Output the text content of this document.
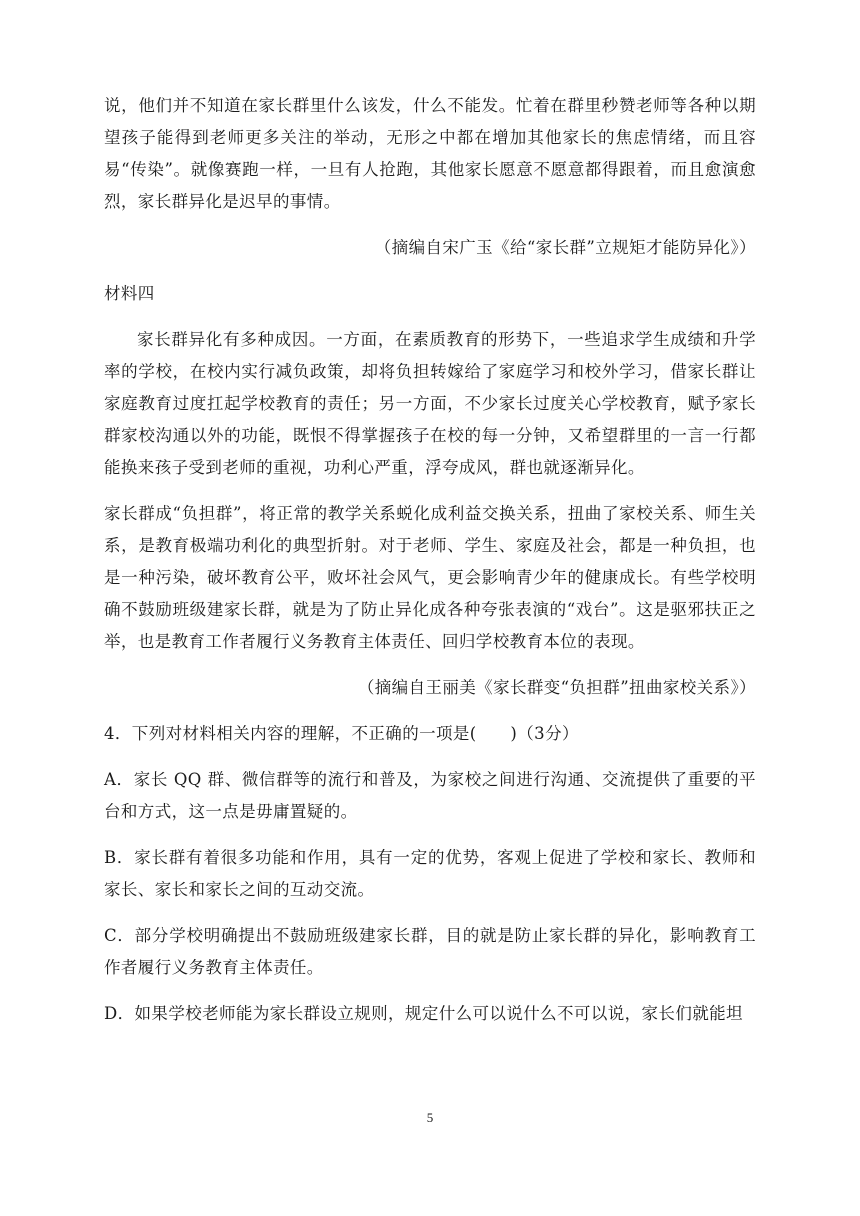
说，他们并不知道在家长群里什么该发，什么不能发。忙着在群里秒赞老师等各种以期望孩子能得到老师更多关注的举动，无形之中都在增加其他家长的焦虑情绪，而且容易“传染”。就像赛跑一样，一旦有人抢跑，其他家长愿意不愿意都得跟着，而且愈演愈烈，家长群异化是迟早的事情。

（摘编自宋广玉《给“家长群”立规矩才能防异化》）

材料四

家长群异化有多种成因。一方面，在素质教育的形势下，一些追求学生成绩和升学率的学校，在校内实行减负政策，却将负担转嫁给了家庭学习和校外学习，借家长群让家庭教育过度扛起学校教育的责任；另一方面，不少家长过度关心学校教育，赋予家长群家校沟通以外的功能，既恨不得掌握孩子在校的每一分钟，又希望群里的一言一行都能换来孩子受到老师的重视，功利心严重，浮夸成风，群也就逐渐异化。

家长群成“负担群”，将正常的教学关系蜕化成利益交换关系，扭曲了家校关系、师生关系，是教育极端功利化的典型折射。对于老师、学生、家庭及社会，都是一种负担，也是一种污染，破坏教育公平，败坏社会风气，更会影响青少年的健康成长。有些学校明确不鼓励班级建家长群，就是为了防止异化成各种夸张表演的“戏台”。这是驱邪扶正之举，也是教育工作者履行义务教育主体责任、回归学校教育本位的表现。

（摘编自王丽美《家长群变“负担群”扭曲家校关系》）

4．下列对材料相关内容的理解，不正确的一项是(　　)（3分）

A．家长 QQ 群、微信群等的流行和普及，为家校之间进行沟通、交流提供了重要的平台和方式，这一点是毋庸置疑的。

B．家长群有着很多功能和作用，具有一定的优势，客观上促进了学校和家长、教师和家长、家长和家长之间的互动交流。

C．部分学校明确提出不鼓励班级建家长群，目的就是防止家长群的异化，影响教育工作者履行义务教育主体责任。

D．如果学校老师能为家长群设立规则，规定什么可以说什么不可以说，家长们就能坦

5
